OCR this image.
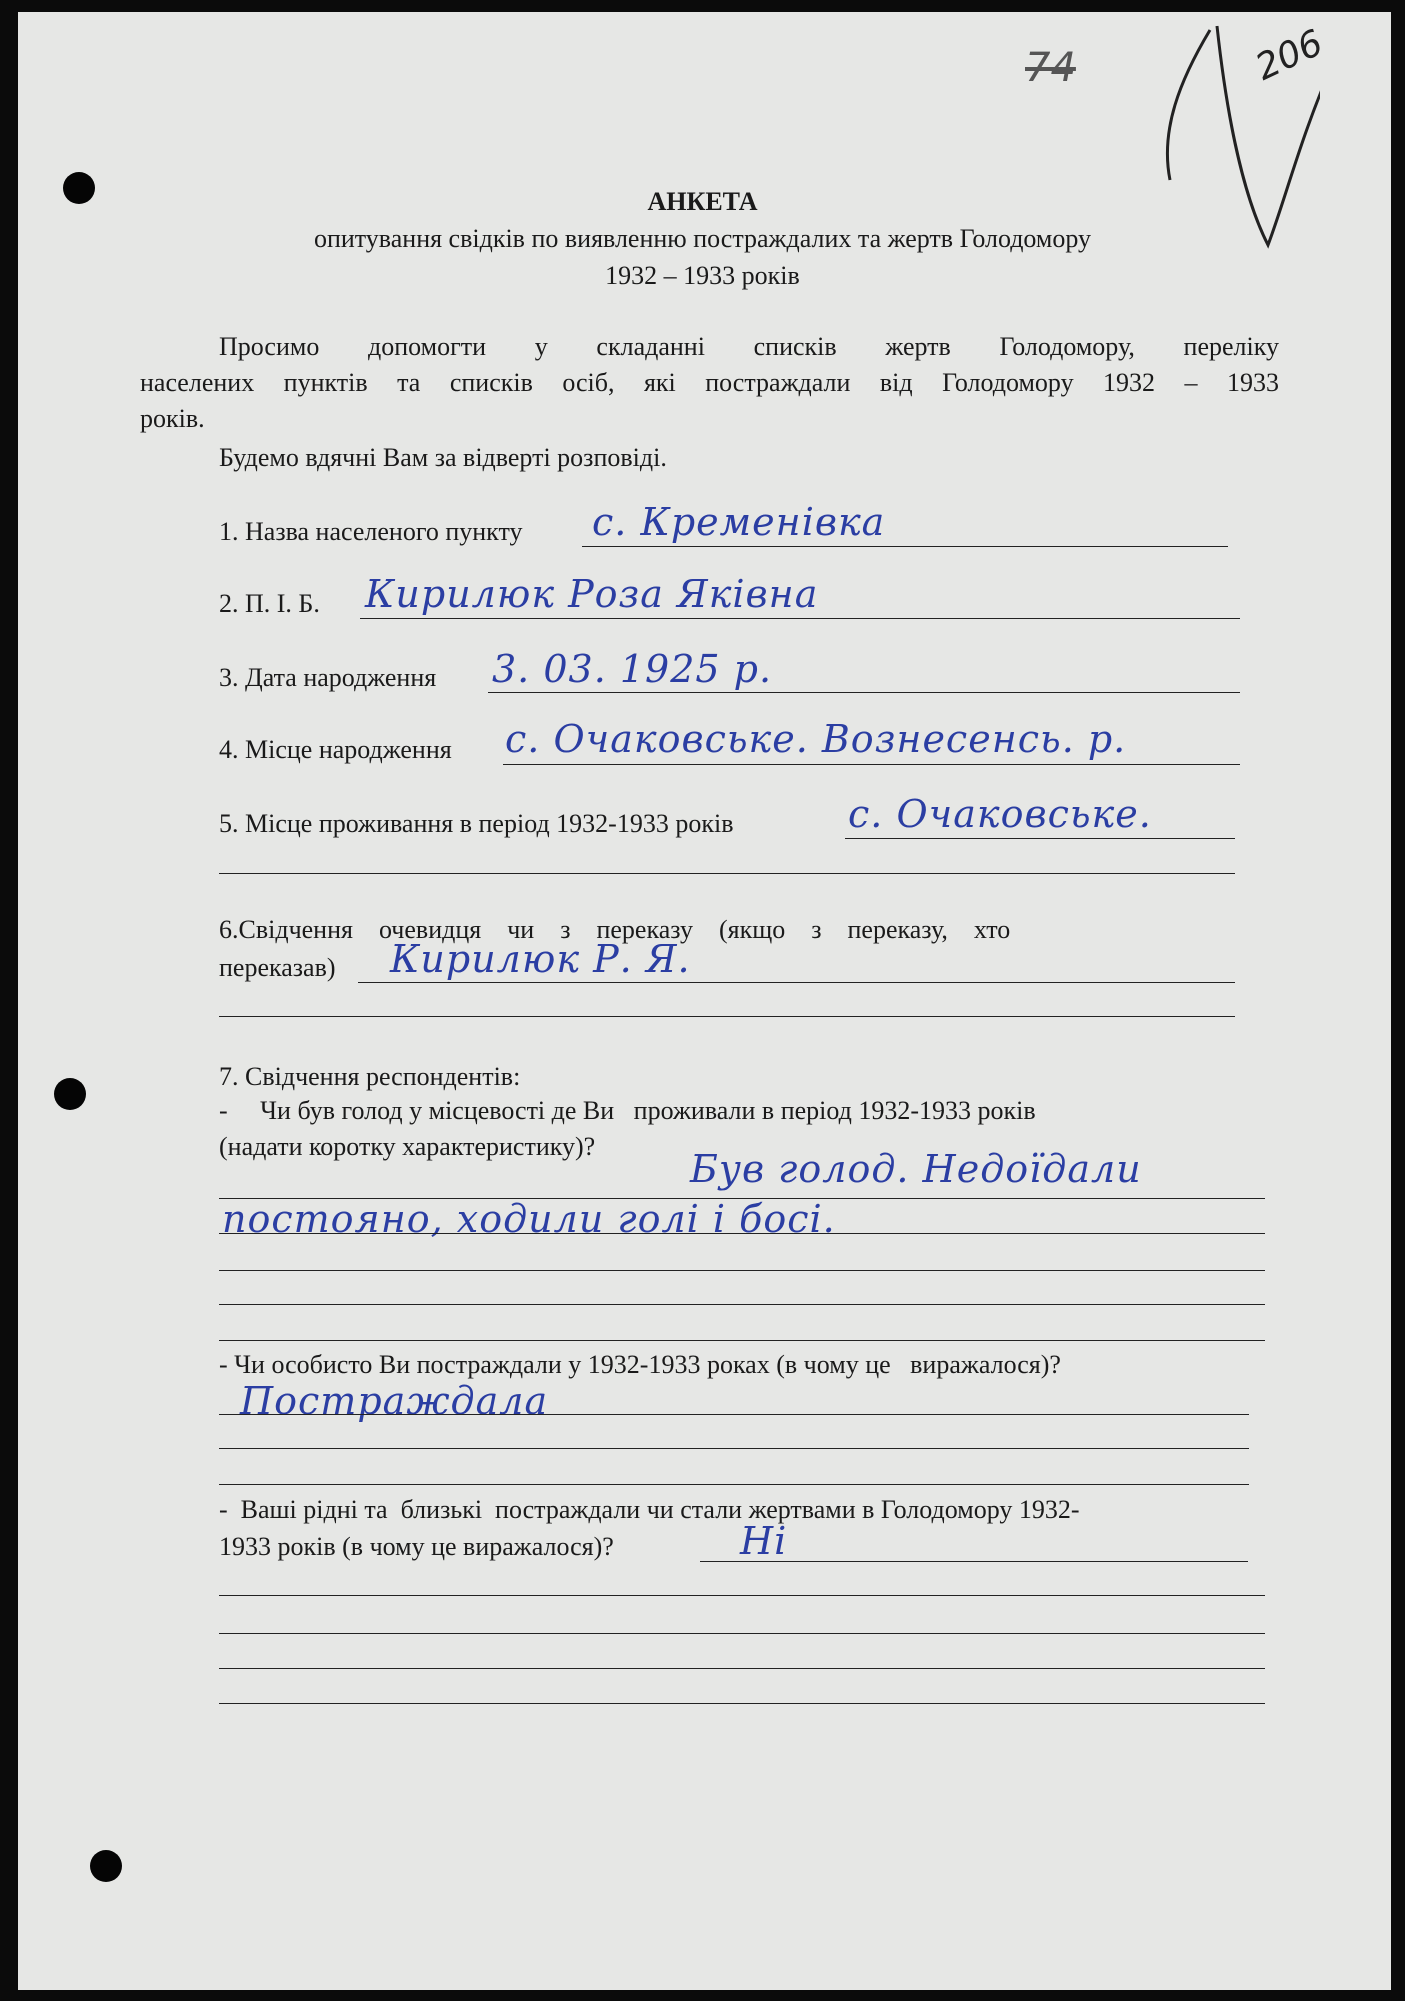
74	206
АНКЕТА
опитування свідків по виявленню постраждалих та жертв Голодомору
1932 – 1933 років
Просимо допомогти у складанні списків жертв Голодомору, переліку
населених пунктів та списків осіб, які постраждали від Голодомору 1932 – 1933
років.
Будемо вдячні Вам за відверті розповіді.
1. Назва населеного пункту с. Кременівка
2. П. І. Б. Кирилюк Роза Яківна
3. Дата народження 3. 03. 1925 р.
4. Місце народження с. Очаковське. Вознесенсь. р.
5. Місце проживання в період 1932-1933 років	с. Очаковське.
6.Свідчення    очевидця    чи    з    переказу    (якщо    з    переказу,    хто
переказав) Кирилюк Р. Я.
7. Свідчення респондентів:
-     Чи був голод у місцевості де Ви   проживали в період 1932-1933 років
(надати коротку характеристику)?
Був голод. Недоїдали
постояно, ходили голі і босі.
- Чи особисто Ви постраждали у 1932-1933 роках (в чому це   виражалося)?
Постраждала
-  Ваші рідні та  близькі  постраждали чи стали жертвами в Голодомору 1932-
1933 років (в чому це виражалося)?	Ні
